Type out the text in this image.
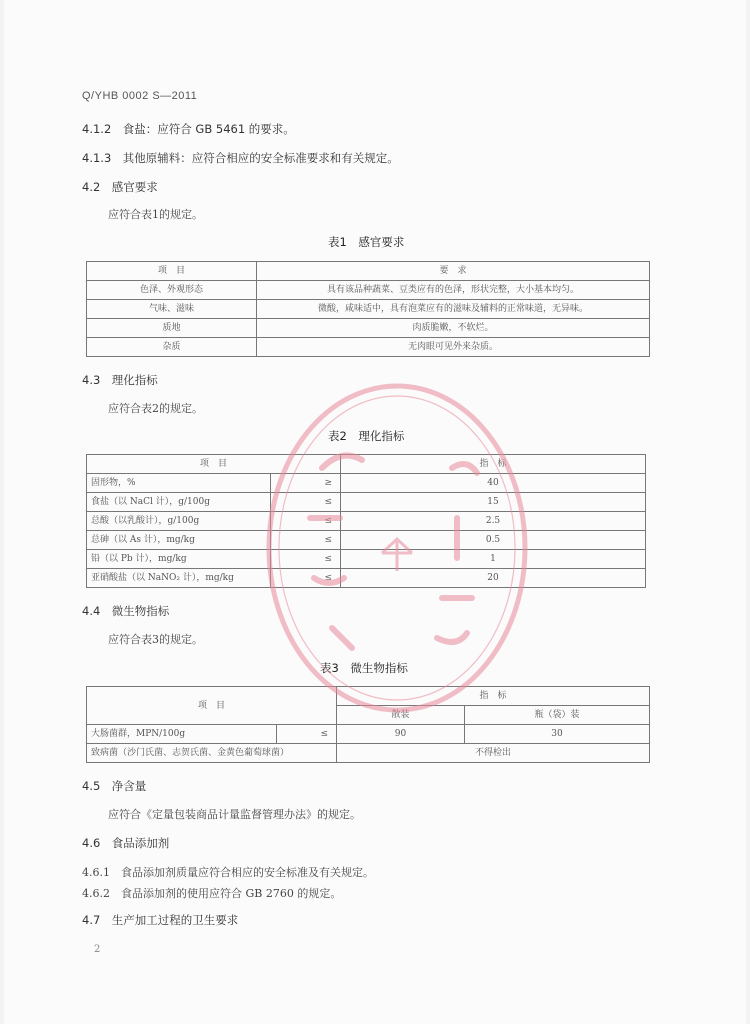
Q/YHB 0002 S—2011
4.1.2　食盐：应符合 GB 5461 的要求。
4.1.3　其他原辅料：应符合相应的安全标准要求和有关规定。
4.2　感官要求
应符合表1的规定。
表1　感官要求
项　目	要　求
色泽、外观形态	具有该品种蔬菜、豆类应有的色泽，形状完整，大小基本均匀。
气味、滋味	微酸，咸味适中，具有泡菜应有的滋味及辅料的正常味道，无异味。
质地	肉质脆嫩，不软烂。
杂质	无肉眼可见外来杂质。
4.3　理化指标
应符合表2的规定。
表2　理化指标
项　目		指　标
固形物，%	≥	40
食盐（以 NaCl 计），g/100g	≤	15
总酸（以乳酸计），g/100g	≤	2.5
总砷（以 As 计），mg/kg	≤	0.5
铅（以 Pb 计），mg/kg	≤	1
亚硝酸盐（以 NaNO₂ 计），mg/kg	≤	20
4.4　微生物指标
应符合表3的规定。
表3　微生物指标
项　目		指　标	
		散装	瓶（袋）装
大肠菌群，MPN/100g	≤	90	30
致病菌（沙门氏菌、志贺氏菌、金黄色葡萄球菌）		不得检出	
4.5　净含量
应符合《定量包装商品计量监督管理办法》的规定。
4.6　食品添加剂
4.6.1　食品添加剂质量应符合相应的安全标准及有关规定。
4.6.2　食品添加剂的使用应符合 GB 2760 的规定。
4.7　生产加工过程的卫生要求
2
